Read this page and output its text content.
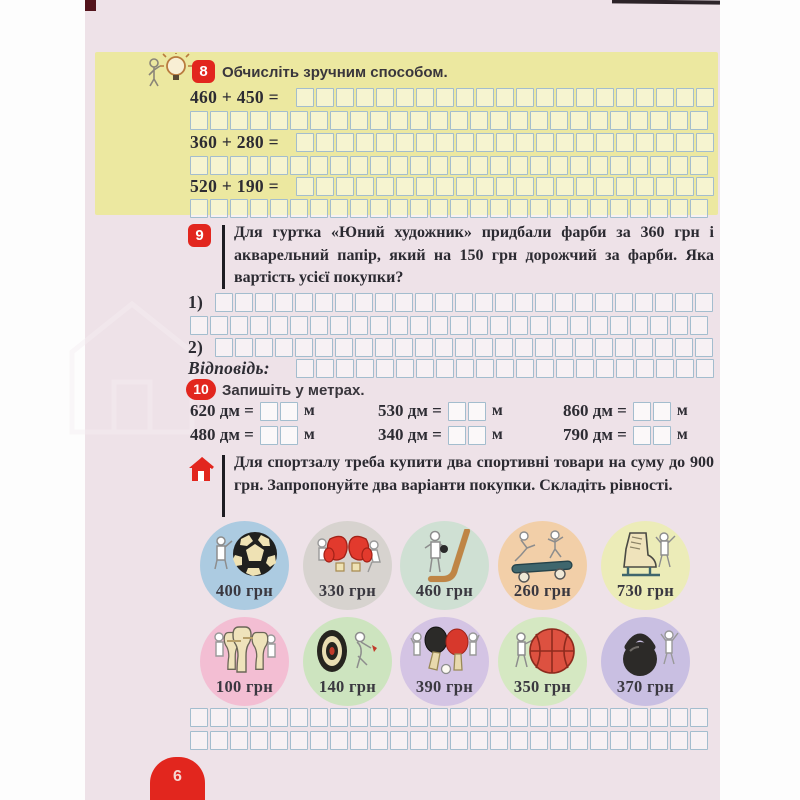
8 Обчисліть зручним способом.
460 + 450 =
360 + 280 =
520 + 190 =
9	Для гуртка «Юний художник» придбали фарби за 360 грн і акварельний папір, який на 150 грн дорожчий за фарби. Яка вартість усієї покупки?
1)
2)
Відповідь:
10 Запишіть у метрах.
620 дм =	м	530 дм =	м	860 дм =	м
480 дм =	м	340 дм =	м	790 дм =	м
Для спортзалу треба купити два спортивні товари на суму до 900 грн. Запропонуйте два варіанти покупки. Складіть рівності.
400 грн	330 грн	460 грн	260 грн	730 грн
100 грн	140 грн	390 грн	350 грн	370 грн
6
